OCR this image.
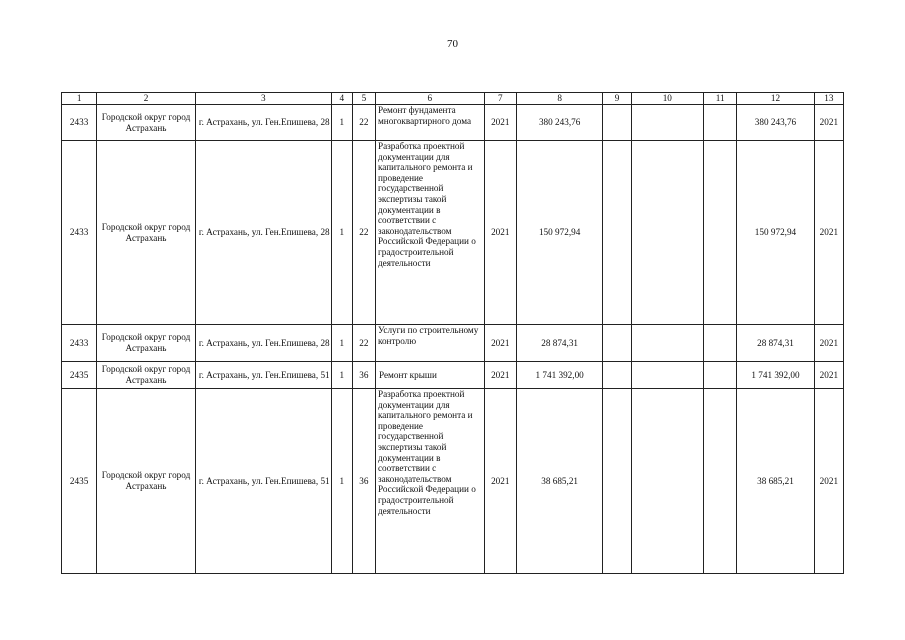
70
1	2	3	4	5	6	7	8	9	10	11	12	13
2433	Городской округ город Астрахань	г. Астрахань, ул. Ген.Епишева, 28	1	22	Ремонт фундамента многоквартирного дома	2021	380 243,76				380 243,76	2021
2433	Городской округ город Астрахань	г. Астрахань, ул. Ген.Епишева, 28	1	22	Разработка проектной документации для капитального ремонта и проведение государственной экспертизы такой документации в соответствии с законодательством Российской Федерации о градостроительной деятельности	2021	150 972,94				150 972,94	2021
2433	Городской округ город Астрахань	г. Астрахань, ул. Ген.Епишева, 28	1	22	Услуги по строительному контролю	2021	28 874,31				28 874,31	2021
2435	Городской округ город Астрахань	г. Астрахань, ул. Ген.Епишева, 51	1	36	Ремонт крыши	2021	1 741 392,00				1 741 392,00	2021
2435	Городской округ город Астрахань	г. Астрахань, ул. Ген.Епишева, 51	1	36	Разработка проектной документации для капитального ремонта и проведение государственной экспертизы такой документации в соответствии с законодательством Российской Федерации о градостроительной деятельности	2021	38 685,21				38 685,21	2021
